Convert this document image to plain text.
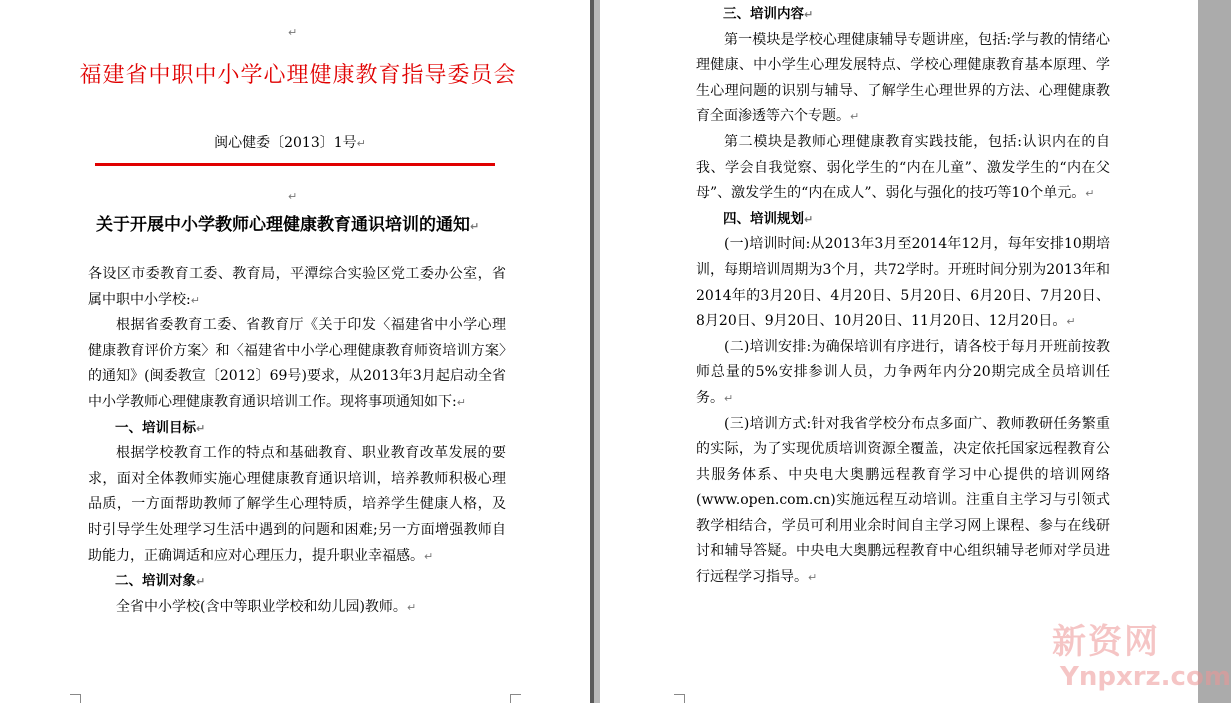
↵
福建省中职中小学心理健康教育指导委员会
闽心健委〔2013〕1号↵
↵
关于开展中小学教师心理健康教育通识培训的通知↵

各设区市委教育工委、教育局，平潭综合实验区党工委办公室，省属中职中小学校:↵

根据省委教育工委、省教育厅《关于印发〈福建省中小学心理健康教育评价方案〉和〈福建省中小学心理健康教育师资培训方案〉的通知》(闽委教宣〔2012〕69号)要求，从2013年3月起启动全省中小学教师心理健康教育通识培训工作。现将事项通知如下:↵

一、培训目标↵

根据学校教育工作的特点和基础教育、职业教育改革发展的要求，面对全体教师实施心理健康教育通识培训，培养教师积极心理品质，一方面帮助教师了解学生心理特质，培养学生健康人格，及时引导学生处理学习生活中遇到的问题和困难;另一方面增强教师自助能力，正确调适和应对心理压力，提升职业幸福感。↵

二、培训对象↵

全省中小学校(含中等职业学校和幼儿园)教师。↵

三、培训内容↵

第一模块是学校心理健康辅导专题讲座，包括:学与教的情绪心理健康、中小学生心理发展特点、学校心理健康教育基本原理、学生心理问题的识别与辅导、了解学生心理世界的方法、心理健康教育全面渗透等六个专题。↵

第二模块是教师心理健康教育实践技能，包括:认识内在的自我、学会自我觉察、弱化学生的“内在儿童”、激发学生的“内在父母”、激发学生的“内在成人”、弱化与强化的技巧等10个单元。↵

四、培训规划↵

(一)培训时间:从2013年3月至2014年12月，每年安排10期培训，每期培训周期为3个月，共72学时。开班时间分别为2013年和2014年的3月20日、4月20日、5月20日、6月20日、7月20日、8月20日、9月20日、10月20日、11月20日、12月20日。↵

(二)培训安排:为确保培训有序进行，请各校于每月开班前按教师总量的5%安排参训人员，力争两年内分20期完成全员培训任务。↵

(三)培训方式:针对我省学校分布点多面广、教师教研任务繁重的实际，为了实现优质培训资源全覆盖，决定依托国家远程教育公共服务体系、中央电大奥鹏远程教育学习中心提供的培训网络(www.open.com.cn)实施远程互动培训。注重自主学习与引领式教学相结合，学员可利用业余时间自主学习网上课程、参与在线研讨和辅导答疑。中央电大奥鹏远程教育中心组织辅导老师对学员进行远程学习指导。↵

新资网
Ynpxrz.com
